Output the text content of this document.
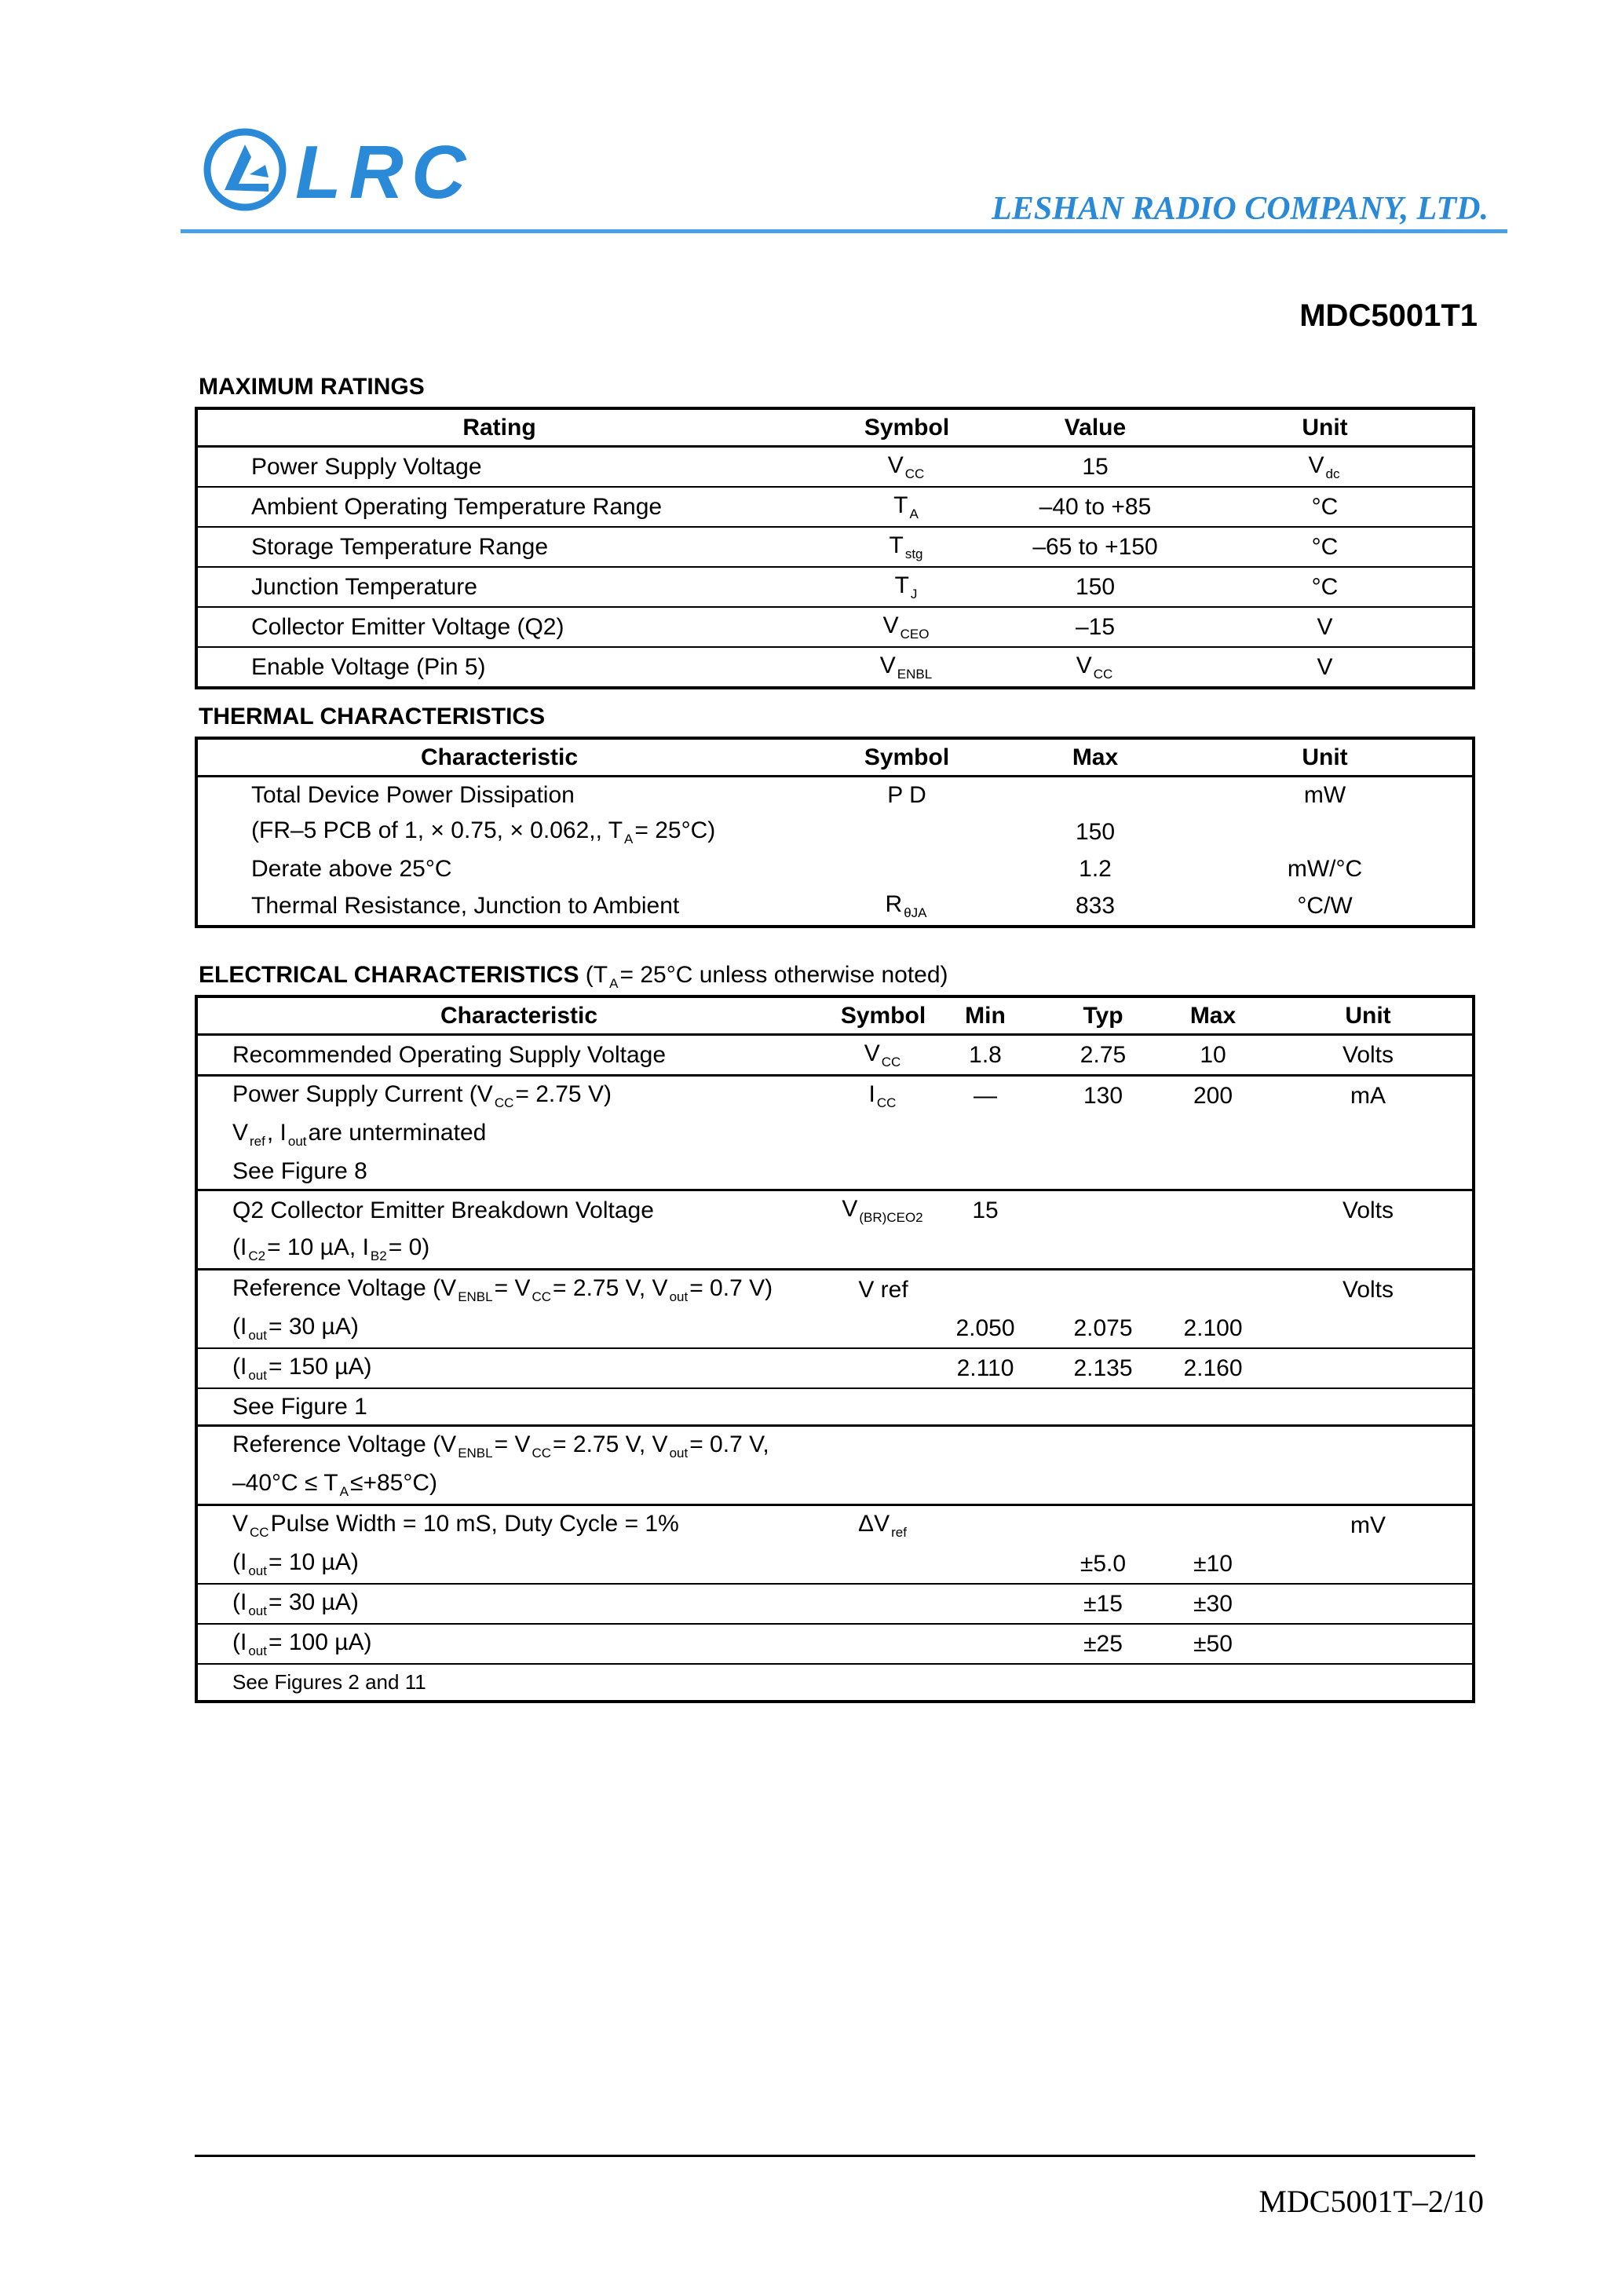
LRC	LESHAN RADIO COMPANY, LTD.
MDC5001T1
MAXIMUM RATINGS
Rating	Symbol	Value	Unit
Power Supply Voltage	V $_{CC}$	15	V $_{dc}$
Ambient Operating Temperature Range	T $_A$	–40 to +85	°C
Storage Temperature Range	T $_{stg}$	–65 to +150	°C
Junction Temperature	T $_J$	150	°C
Collector Emitter Voltage (Q2)	V $_{CEO}$	–15	V
Enable Voltage (Pin 5)	V $_{ENBL}$	V $_{CC}$	V
THERMAL CHARACTERISTICS
Characteristic	Symbol	Max	Unit
Total Device Power Dissipation	P D		mW
(FR–5 PCB of 1, × 0.75, × 0.062,, T $_A$= 25°C)		150	
Derate above 25°C		1.2	mW/°C
Thermal Resistance, Junction to Ambient	R $_{\theta JA}$	833	°C/W
ELECTRICAL CHARACTERISTICS (T $_A$= 25°C unless otherwise noted)
Characteristic	Symbol	Min	Typ	Max	Unit
Recommended Operating Supply Voltage	V $_{CC}$	1.8	2.75	10	Volts
Power Supply Current (V $_{CC}$= 2.75 V)	I $_{CC}$	—	130	200	mA
V $_{ref}$, I $_{out}$are unterminated					
See Figure 8					
Q2 Collector Emitter Breakdown Voltage	V $_{(BR)CEO2}$	15			Volts
(I $_{C2}$= 10 µA, I $_{B2}$= 0)					
Reference Voltage (V $_{ENBL}$= V $_{CC}$= 2.75 V, V $_{out}$= 0.7 V)	V ref				Volts
(I $_{out}$= 30 µA)		2.050	2.075	2.100	
(I $_{out}$= 150 µA)		2.110	2.135	2.160	
See Figure 1					
Reference Voltage (V $_{ENBL}$= V $_{CC}$= 2.75 V, V $_{out}$= 0.7 V,					
–40°C ≤ T $_A$≤+85°C)					
V $_{CC}$Pulse Width = 10 mS, Duty Cycle = 1%	ΔV $_{ref}$				mV
(I $_{out}$= 10 µA)			±5.0	±10	
(I $_{out}$= 30 µA)			±15	±30	
(I $_{out}$= 100 µA)			±25	±50	
See Figures 2 and 11					
MDC5001T–2/10
